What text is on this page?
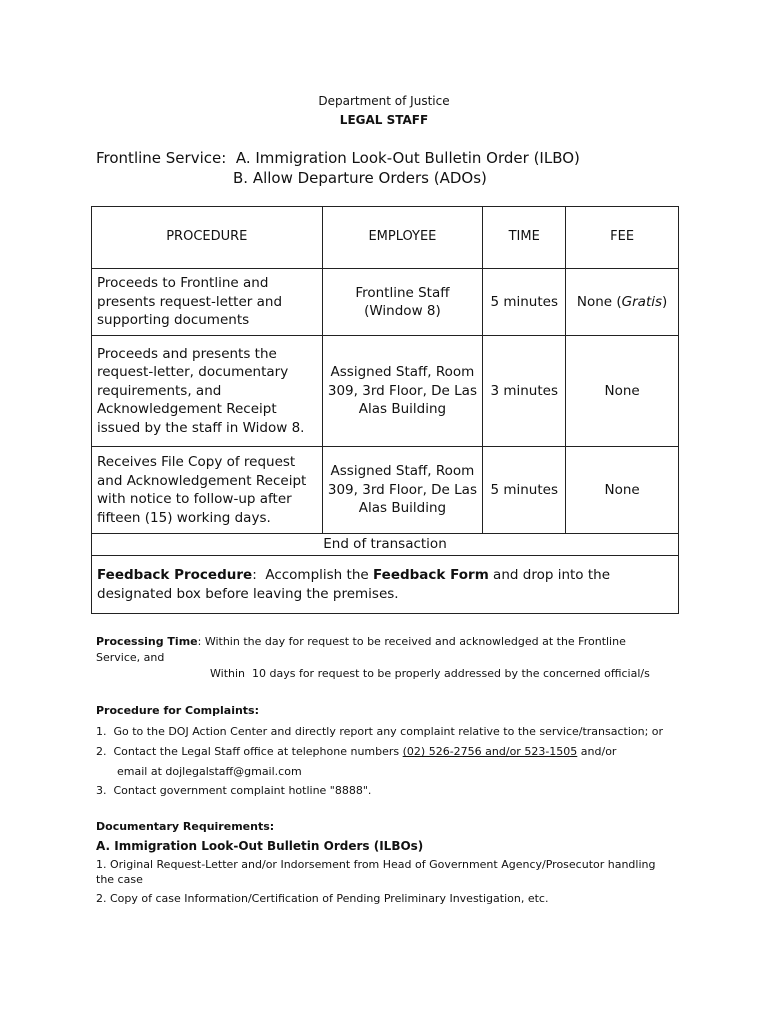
Department of Justice
LEGAL STAFF
Frontline Service: A. Immigration Look-Out Bulletin Order (ILBO)
B. Allow Departure Orders (ADOs)
PROCEDURE	EMPLOYEE	TIME	FEE
Proceeds to Frontline and presents request-letter and supporting documents	Frontline Staff (Window 8)	5 minutes	None (Gratis)
Proceeds and presents the request-letter, documentary requirements, and Acknowledgement Receipt issued by the staff in Widow 8.	Assigned Staff, Room 309, 3rd Floor, De Las Alas Building	3 minutes	None
Receives File Copy of request and Acknowledgement Receipt with notice to follow-up after fifteen (15) working days.	Assigned Staff, Room 309, 3rd Floor, De Las Alas Building	5 minutes	None
End of transaction			
Feedback Procedure:  Accomplish the Feedback Form and drop into the designated box before leaving the premises.			
Processing Time: Within the day for request to be received and acknowledged at the Frontline
Service, and
Within  10 days for request to be properly addressed by the concerned official/s
Procedure for Complaints:
1.  Go to the DOJ Action Center and directly report any complaint relative to the service/transaction; or
2.  Contact the Legal Staff office at telephone numbers (02) 526-2756 and/or 523-1505 and/or
email at dojlegalstaff@gmail.com
3.  Contact government complaint hotline "8888".
Documentary Requirements:
A. Immigration Look-Out Bulletin Orders (ILBOs)
1. Original Request-Letter and/or Indorsement from Head of Government Agency/Prosecutor handling
the case
2. Copy of case Information/Certification of Pending Preliminary Investigation, etc.
